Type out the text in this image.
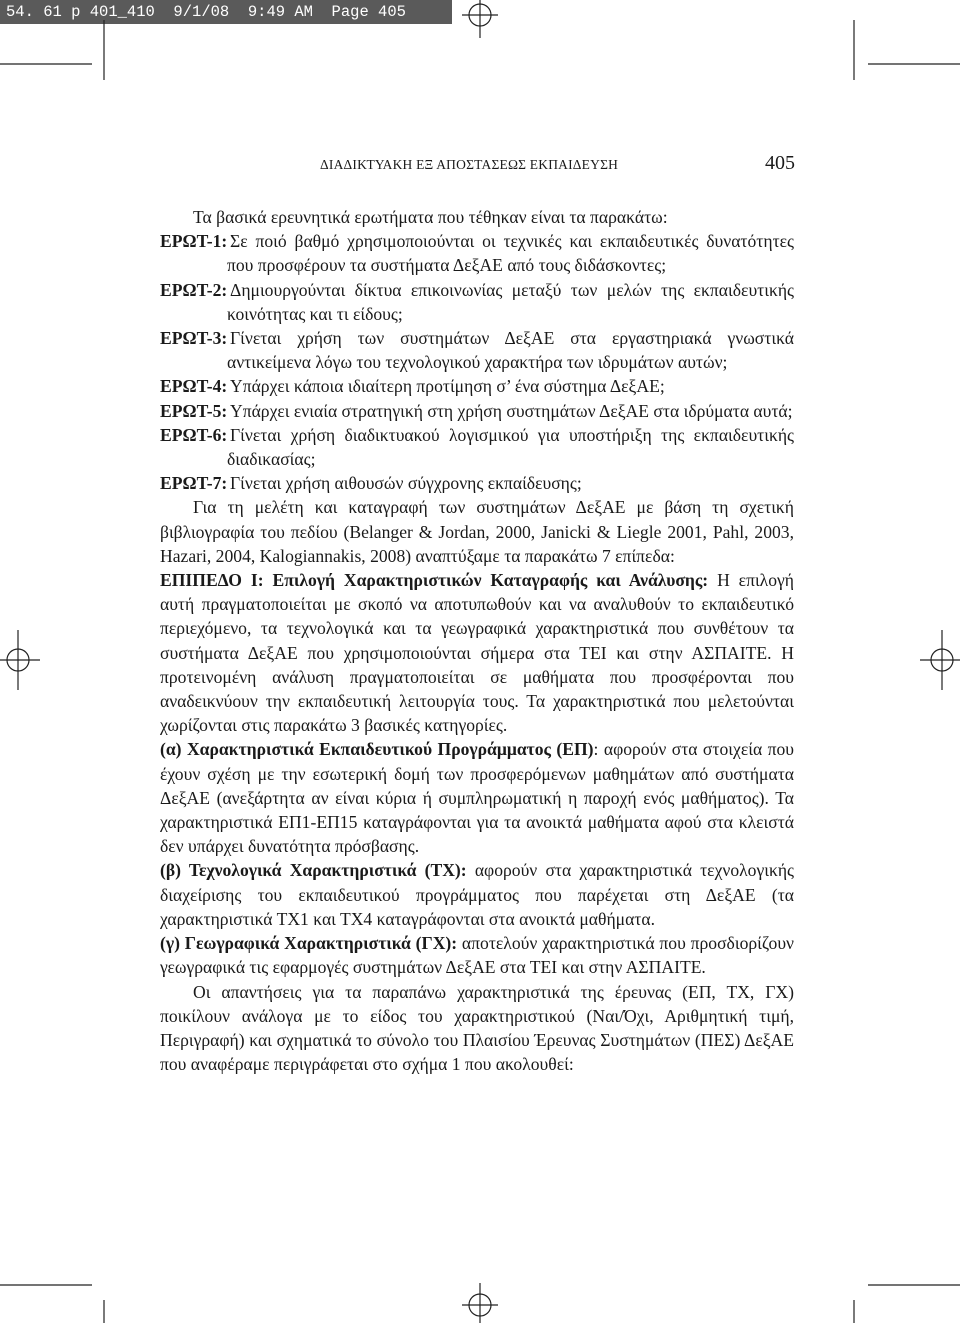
54. 61 p 401_410  9/1/08  9:49 AM  Page 405
ΔΙΑΔΙΚΤΥΑΚΗ ΕΞ ΑΠΟΣΤΑΣΕΩΣ ΕΚΠΑΙΔΕΥΣΗ	405

Τα βασικά ερευνητικά ερωτήματα που τέθηκαν είναι τα παρακάτω:

ΕΡΩΤ-1: Σε ποιό βαθμό χρησιμοποιούνται οι τεχνικές και εκπαιδευτικές δυνατότητες που προσφέρουν τα συστήματα ΔεξΑΕ από τους διδάσκοντες;
ΕΡΩΤ-2: Δημιουργούνται δίκτυα επικοινωνίας μεταξύ των μελών της εκπαιδευτικής κοινότητας και τι είδους;
ΕΡΩΤ-3: Γίνεται χρήση των συστημάτων ΔεξΑΕ στα εργαστηριακά γνωστικά αντικείμενα λόγω του τεχνολογικού χαρακτήρα των ιδρυμάτων αυτών;
ΕΡΩΤ-4: Υπάρχει κάποια ιδιαίτερη προτίμηση σ’ ένα σύστημα ΔεξΑΕ;
ΕΡΩΤ-5: Υπάρχει ενιαία στρατηγική στη χρήση συστημάτων ΔεξΑΕ στα ιδρύματα αυτά;
ΕΡΩΤ-6: Γίνεται χρήση διαδικτυακού λογισμικού για υποστήριξη της εκπαιδευτικής διαδικασίας;
ΕΡΩΤ-7: Γίνεται χρήση αιθουσών σύγχρονης εκπαίδευσης;

Για τη μελέτη και καταγραφή των συστημάτων ΔεξΑΕ με βάση τη σχετική βιβλιογραφία του πεδίου (Belanger & Jordan, 2000, Janicki & Liegle 2001, Pahl, 2003, Hazari, 2004, Kalogiannakis, 2008) αναπτύξαμε τα παρακάτω 7 επίπεδα:

ΕΠΙΠΕΔΟ Ι: Επιλογή Χαρακτηριστικών Καταγραφής και Ανάλυσης: Η επιλογή αυτή πραγματοποιείται με σκοπό να αποτυπωθούν και να αναλυθούν το εκπαιδευτικό περιεχόμενο, τα τεχνολογικά και τα γεωγραφικά χαρακτηριστικά που συνθέτουν τα συστήματα ΔεξΑΕ που χρησιμοποιούνται σήμερα στα ΤΕΙ και στην ΑΣΠΑΙΤΕ. Η προτεινομένη ανάλυση πραγματοποιείται σε μαθήματα που προσφέρονται που αναδεικνύουν την εκπαιδευτική λειτουργία τους. Τα χαρακτηριστικά που μελετούνται χωρίζονται στις παρακάτω 3 βασικές κατηγορίες.

(α) Χαρακτηριστικά Εκπαιδευτικού Προγράμματος (ΕΠ): αφορούν στα στοιχεία που έχουν σχέση με την εσωτερική δομή των προσφερόμενων μαθημάτων από συστήματα ΔεξΑΕ (ανεξάρτητα αν είναι κύρια ή συμπληρωματική η παροχή ενός μαθήματος). Τα χαρακτηριστικά ΕΠ1-ΕΠ15 καταγράφονται για τα ανοικτά μαθήματα αφού στα κλειστά δεν υπάρχει δυνατότητα πρόσβασης.

(β) Τεχνολογικά Χαρακτηριστικά (ΤΧ): αφορούν στα χαρακτηριστικά τεχνολογικής διαχείρισης του εκπαιδευτικού προγράμματος που παρέχεται στη ΔεξΑΕ (τα χαρακτηριστικά ΤΧ1 και ΤΧ4 καταγράφονται στα ανοικτά μαθήματα.

(γ) Γεωγραφικά Χαρακτηριστικά (ΓΧ): αποτελούν χαρακτηριστικά που προσδιορίζουν γεωγραφικά τις εφαρμογές συστημάτων ΔεξΑΕ στα ΤΕΙ και στην ΑΣΠΑΙΤΕ.

Οι απαντήσεις για τα παραπάνω χαρακτηριστικά της έρευνας (ΕΠ, ΤΧ, ΓΧ) ποικίλουν ανάλογα με το είδος του χαρακτηριστικού (Ναι/Όχι, Αριθμητική τιμή, Περιγραφή) και σχηματικά το σύνολο του Πλαισίου Έρευνας Συστημάτων (ΠΕΣ) ΔεξΑΕ που αναφέραμε περιγράφεται στο σχήμα 1 που ακολουθεί:
